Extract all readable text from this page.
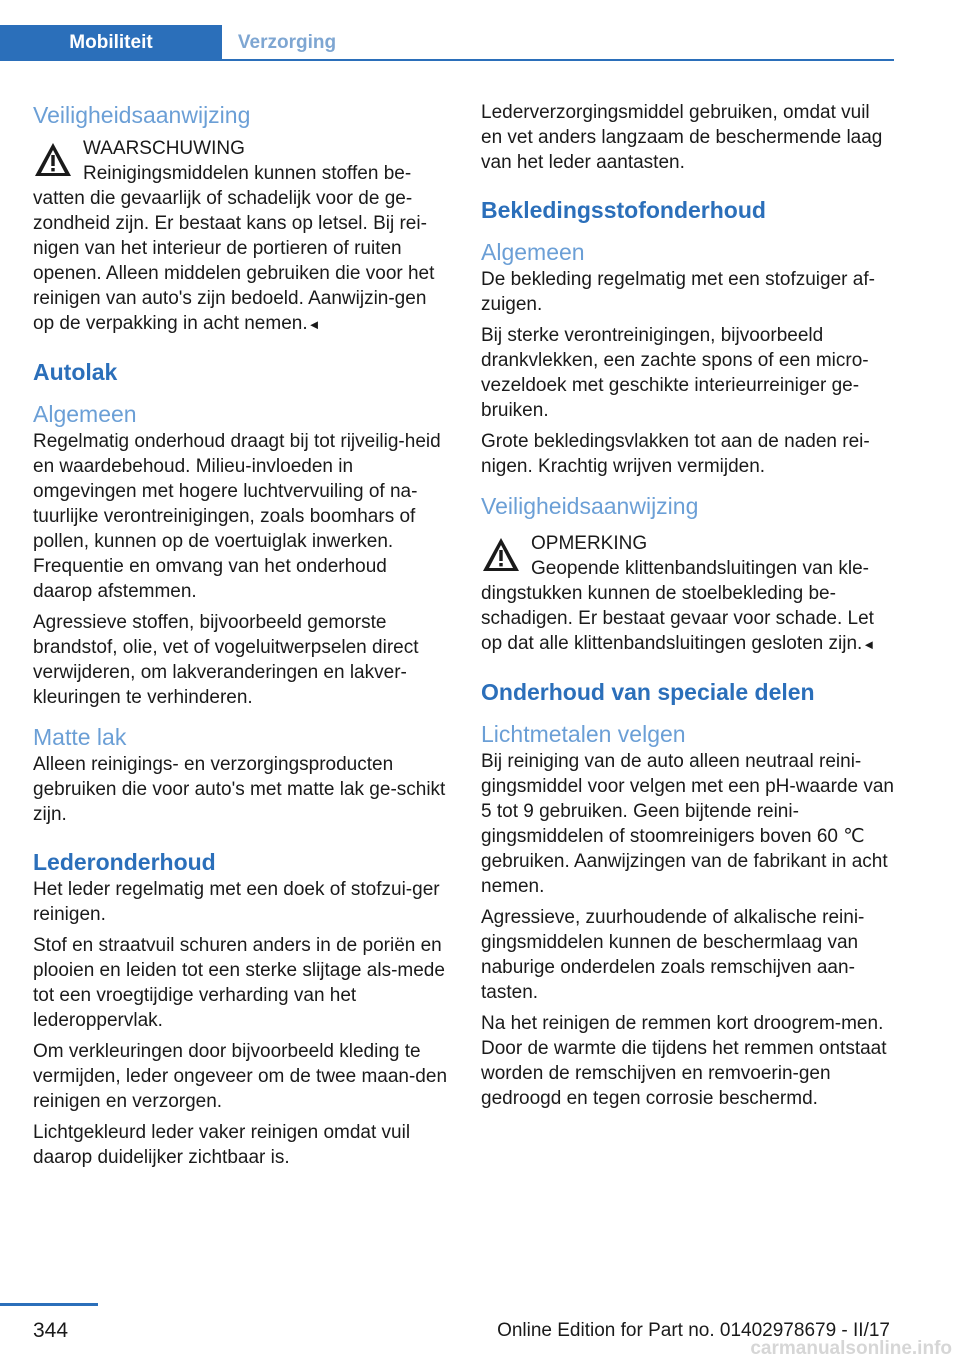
Mobiliteit	Verzorging
Veiligheidsaanwijzing
WAARSCHUWING

Reinigingsmiddelen kunnen stoffen be-vatten die gevaarlijk of schadelijk voor de ge-zondheid zijn. Er bestaat kans op letsel. Bij rei-nigen van het interieur de portieren of ruiten openen. Alleen middelen gebruiken die voor het reinigen van auto's zijn bedoeld. Aanwijzin-gen op de verpakking in acht nemen.◄

Autolak
Algemeen

Regelmatig onderhoud draagt bij tot rijveilig-heid en waardebehoud. Milieu‐invloeden in omgevingen met hogere luchtvervuiling of na-tuurlijke verontreinigingen, zoals boomhars of pollen, kunnen op de voertuiglak inwerken. Frequentie en omvang van het onderhoud daarop afstemmen.

Agressieve stoffen, bijvoorbeeld gemorste brandstof, olie, vet of vogeluitwerpselen direct verwijderen, om lakveranderingen en lakver-kleuringen te verhinderen.

Matte lak

Alleen reinigings- en verzorgingsproducten gebruiken die voor auto's met matte lak ge-schikt zijn.

Lederonderhoud

Het leder regelmatig met een doek of stofzui-ger reinigen.

Stof en straatvuil schuren anders in de poriën en plooien en leiden tot een sterke slijtage als-mede tot een vroegtijdige verharding van het lederoppervlak.

Om verkleuringen door bijvoorbeeld kleding te vermijden, leder ongeveer om de twee maan-den reinigen en verzorgen.

Lichtgekleurd leder vaker reinigen omdat vuil daarop duidelijker zichtbaar is.

Lederverzorgingsmiddel gebruiken, omdat vuil en vet anders langzaam de beschermende laag van het leder aantasten.

Bekledingsstofonderhoud
Algemeen

De bekleding regelmatig met een stofzuiger af-zuigen.

Bij sterke verontreinigingen, bijvoorbeeld drankvlekken, een zachte spons of een micro-vezeldoek met geschikte interieurreiniger ge-bruiken.

Grote bekledingsvlakken tot aan de naden rei-nigen. Krachtig wrijven vermijden.

Veiligheidsaanwijzing
OPMERKING

Geopende klittenbandsluitingen van kle-dingstukken kunnen de stoelbekleding be-schadigen. Er bestaat gevaar voor schade. Let op dat alle klittenbandsluitingen gesloten zijn.◄

Onderhoud van speciale delen
Lichtmetalen velgen

Bij reiniging van de auto alleen neutraal reini-gingsmiddel voor velgen met een pH-waarde van 5 tot 9 gebruiken. Geen bijtende reini-gingsmiddelen of stoomreinigers boven 60 ℃ gebruiken. Aanwijzingen van de fabrikant in acht nemen.

Agressieve, zuurhoudende of alkalische reini-gingsmiddelen kunnen de beschermlaag van naburige onderdelen zoals remschijven aan-tasten.

Na het reinigen de remmen kort droogrem-men. Door de warmte die tijdens het remmen ontstaat worden de remschijven en remvoerin-gen gedroogd en tegen corrosie beschermd.

344	Online Edition for Part no. 01402978679 - II/17
carmanualsonline.info
